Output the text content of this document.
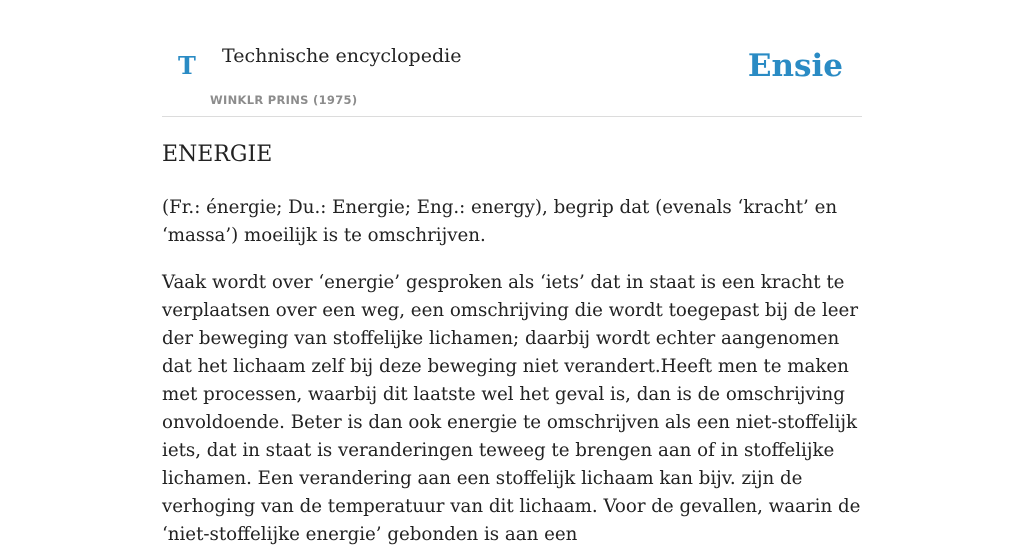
T Technische encyclopedie
WINKLR PRINS (1975)
Ensie
ENERGIE

(Fr.: énergie; Du.: Energie; Eng.: energy), begrip dat (evenals ‘kracht’ en ‘massa’) moeilijk is te omschrijven.

Vaak wordt over ‘energie’ gesproken als ‘iets’ dat in staat is een kracht te verplaatsen over een weg, een omschrijving die wordt toegepast bij de leer der beweging van stoffelijke lichamen; daarbij wordt echter aangenomen dat het lichaam zelf bij deze beweging niet verandert.Heeft men te maken met processen, waarbij dit laatste wel het geval is, dan is de omschrijving onvoldoende. Beter is dan ook energie te omschrijven als een niet-stoffelijk iets, dat in staat is veranderingen teweeg te brengen aan of in stoffelijke lichamen. Een verandering aan een stoffelijk lichaam kan bijv. zijn de verhoging van de temperatuur van dit lichaam. Voor de gevallen, waarin de ‘niet-stoffelijke energie’ gebonden is aan een
